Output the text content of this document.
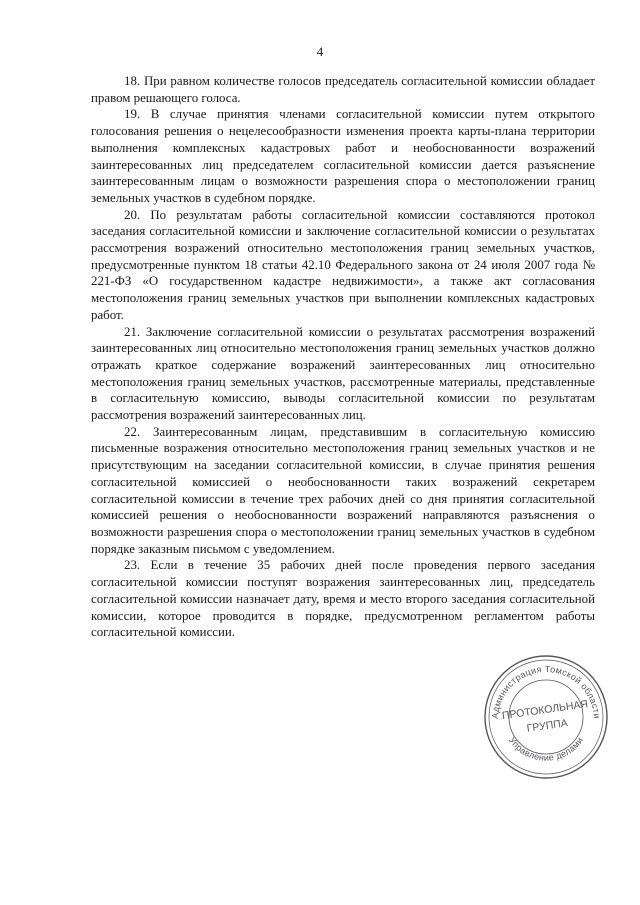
4

18. При равном количестве голосов председатель согласительной комиссии обладает правом решающего голоса.

19. В случае принятия членами согласительной комиссии путем открытого голосования решения о нецелесообразности изменения проекта карты-плана территории выполнения комплексных кадастровых работ и необоснованности возражений заинтересованных лиц председателем согласительной комиссии дается разъяснение заинтересованным лицам о возможности разрешения спора о местоположении границ земельных участков в судебном порядке.

20. По результатам работы согласительной комиссии составляются протокол заседания согласительной комиссии и заключение согласительной комиссии о результатах рассмотрения возражений относительно местоположения границ земельных участков, предусмотренные пунктом 18 статьи 42.10 Федерального закона от 24 июля 2007 года № 221-ФЗ «О государственном кадастре недвижимости», а также акт согласования местоположения границ земельных участков при выполнении комплексных кадастровых работ.

21. Заключение согласительной комиссии о результатах рассмотрения возражений заинтересованных лиц относительно местоположения границ земельных участков должно отражать краткое содержание возражений заинтересованных лиц относительно местоположения границ земельных участков, рассмотренные материалы, представленные в согласительную комиссию, выводы согласительной комиссии по результатам рассмотрения возражений заинтересованных лиц.

22. Заинтересованным лицам, представившим в согласительную комиссию письменные возражения относительно местоположения границ земельных участков и не присутствующим на заседании согласительной комиссии, в случае принятия решения согласительной комиссией о необоснованности таких возражений секретарем согласительной комиссии в течение трех рабочих дней со дня принятия согласительной комиссией решения о необоснованности возражений направляются разъяснения о возможности разрешения спора о местоположении границ земельных участков в судебном порядке заказным письмом с уведомлением.

23. Если в течение 35 рабочих дней после проведения первого заседания согласительной комиссии поступят возражения заинтересованных лиц, председатель согласительной комиссии назначает дату, время и место второго заседания согласительной комиссии, которое проводится в порядке, предусмотренном регламентом работы согласительной комиссии.

Администрация Томской области
Управление делами
ПРОТОКОЛЬНАЯ
ГРУППА
